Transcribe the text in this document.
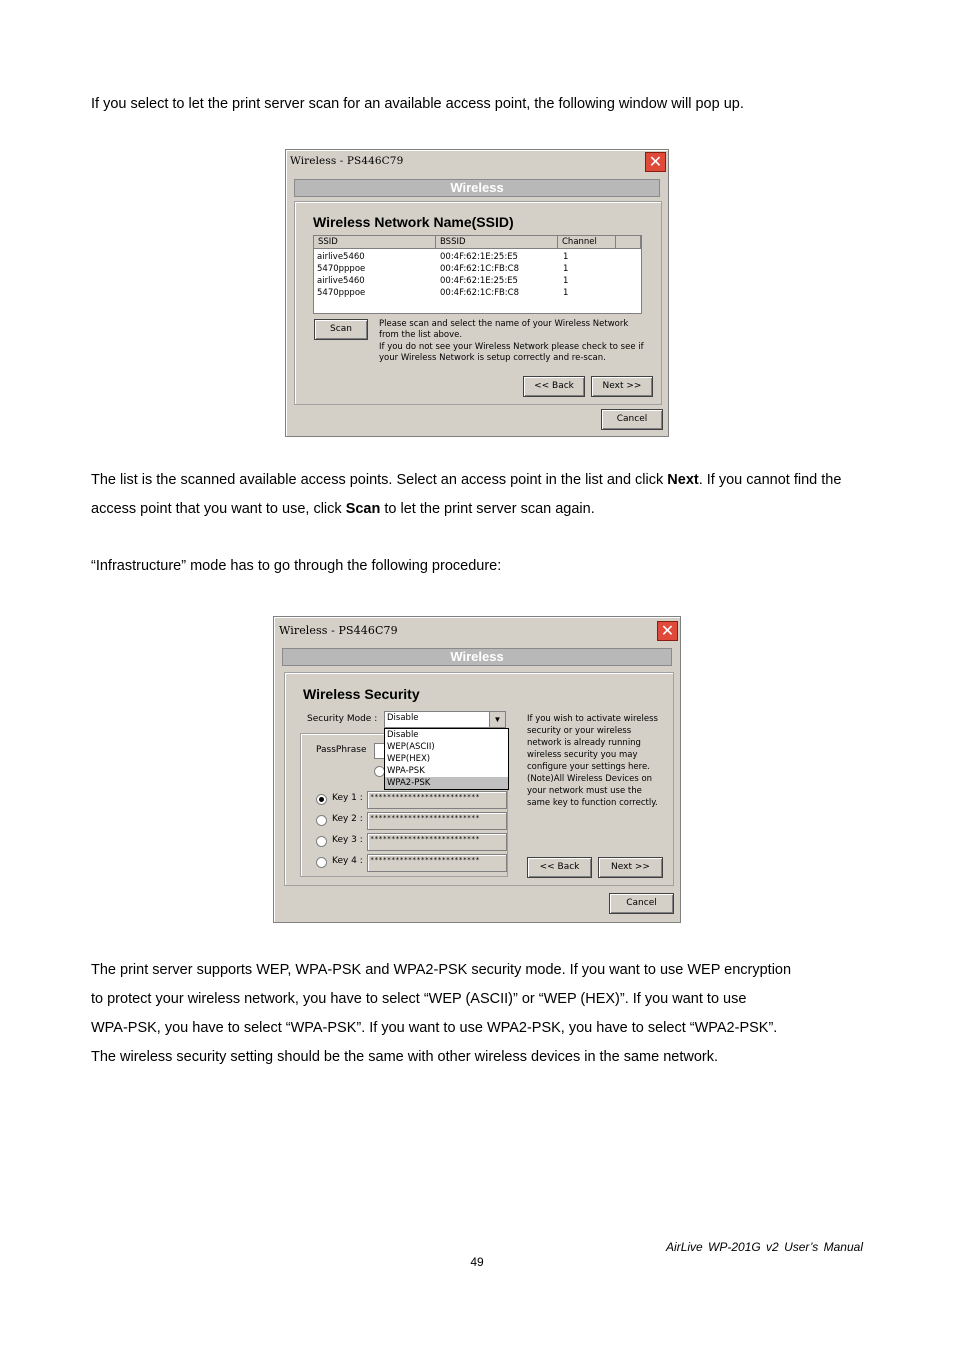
If you select to let the print server scan for an available access point, the following window will pop up.
Wireless - PS446C79	✕
Wireless
Wireless Network Name(SSID)
SSID	BSSID	Channel
airlive5460	00:4F:62:1E:25:E5	1
5470pppoe	00:4F:62:1C:FB:C8	1
airlive5460	00:4F:62:1E:25:E5	1
5470pppoe	00:4F:62:1C:FB:C8	1
Scan	Please scan and select the name of your Wireless Network
from the list above.
If you do not see your Wireless Network please check to see if
your Wireless Network is setup correctly and re-scan.
<< Back	Next >>
Cancel
The list is the scanned available access points. Select an access point in the list and click Next. If you cannot find the access point that you want to use, click Scan to let the print server scan again.
“Infrastructure” mode has to go through the following procedure:
Wireless - PS446C79	✕
Wireless
Wireless Security
Security Mode : Disable	▼
PassPhrase
Disable
WEP(ASCII)
WEP(HEX)
WPA-PSK
WPA2-PSK
Key 1 :	**************************
Key 2 :	**************************
Key 3 :	**************************
Key 4 :	**************************
If you wish to activate wireless
security or your wireless
network is already running
wireless security you may
configure your settings here.
(Note)All Wireless Devices on
your network must use the
same key to function correctly.
<< Back	Next >>
Cancel
The print server supports WEP, WPA-PSK and WPA2-PSK security mode. If you want to use WEP encryption
to protect your wireless network, you have to select “WEP (ASCII)” or “WEP (HEX)”. If you want to use
WPA-PSK, you have to select “WPA-PSK”. If you want to use WPA2-PSK, you have to select “WPA2-PSK”.
The wireless security setting should be the same with other wireless devices in the same network.
AirLive WP-201G v2 User’s Manual
49
